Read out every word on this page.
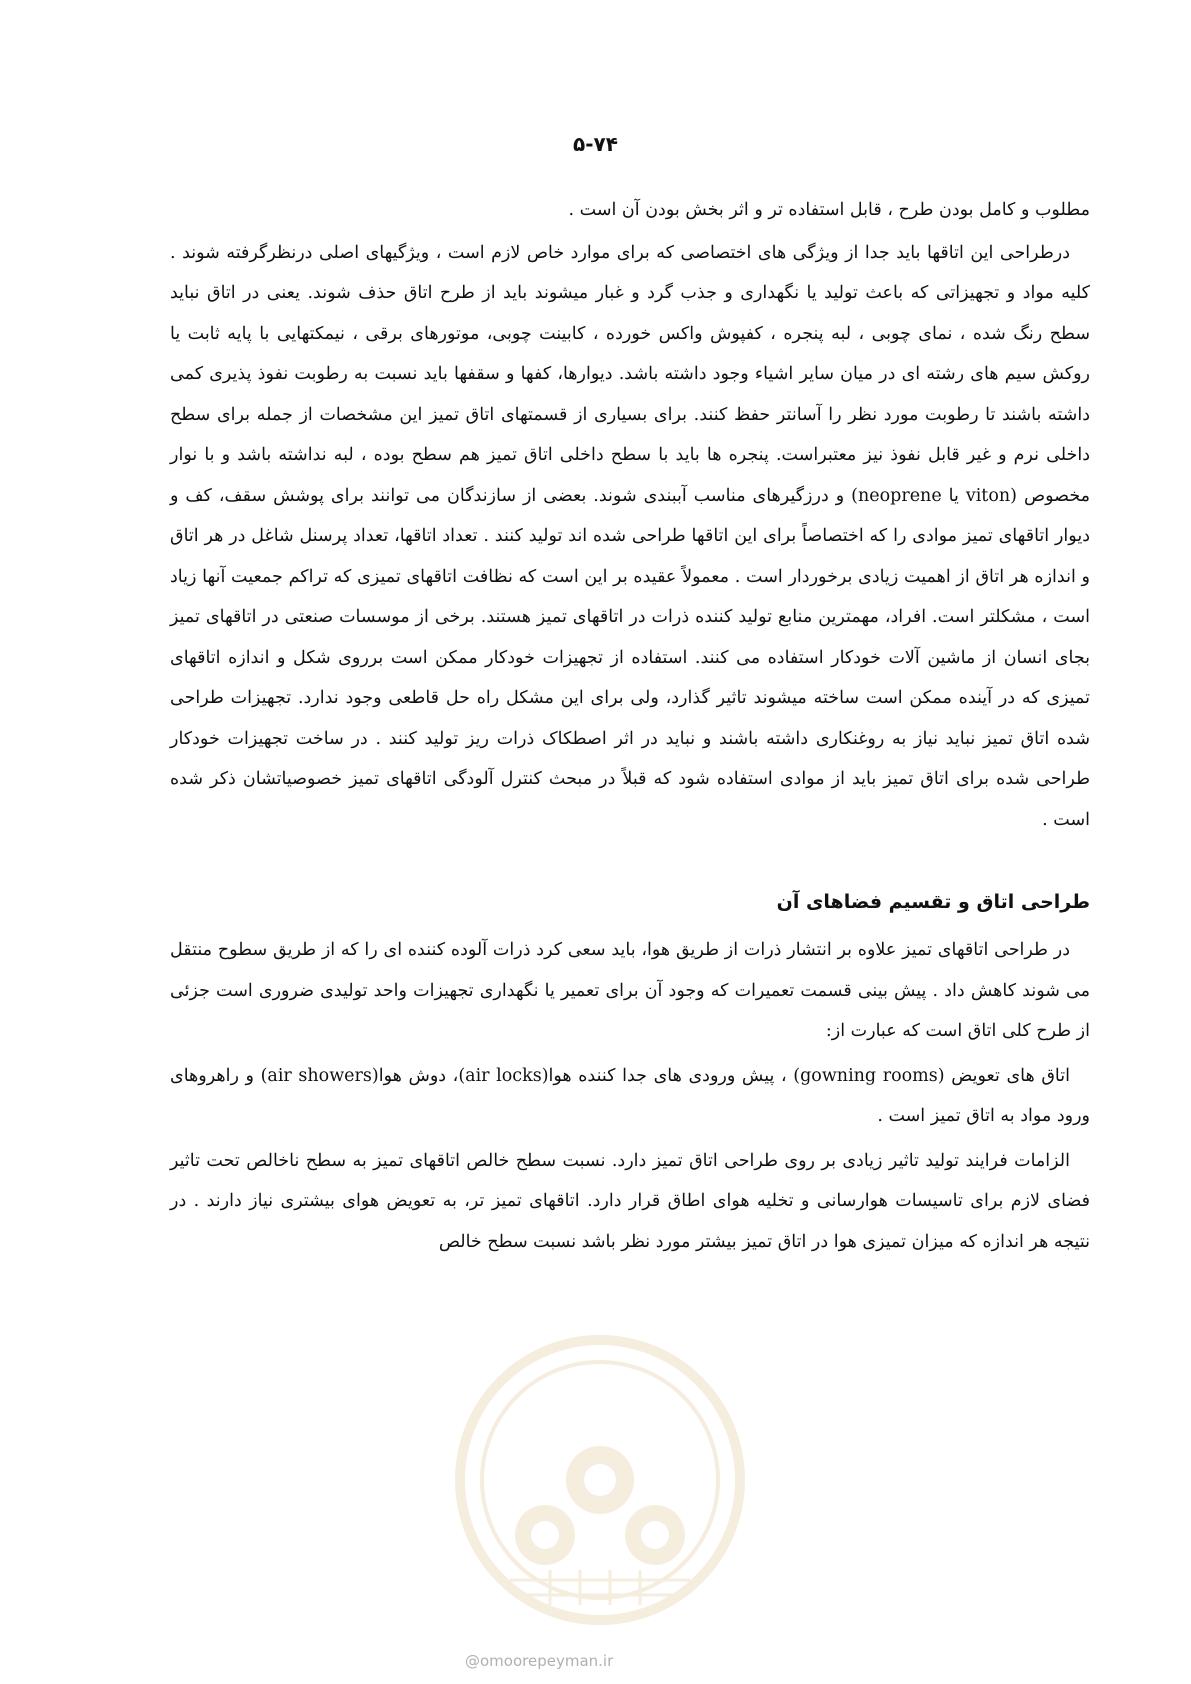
۵-۷۴

مطلوب و کامل بودن طرح ، قابل استفاده تر و اثر بخش بودن آن است .

درطراحی این اتاقها باید جدا از ویژگی های اختصاصی که برای موارد خاص لازم است ، ویژگیهای اصلی درنظرگرفته شوند . کلیه مواد و تجهیزاتی که باعث تولید یا نگهداری و جذب گرد و غبار میشوند باید از طرح اتاق حذف شوند. یعنی در اتاق نباید سطح رنگ شده ، نمای چوبی ، لبه پنجره ، کفپوش واکس خورده ، کابینت چوبی، موتورهای برقی ، نیمکتهایی با پایه ثابت یا روکش سیم های رشته ای در میان سایر اشیاء وجود داشته باشد. دیوارها، کفها و سقفها باید نسبت به رطوبت نفوذ پذیری کمی داشته باشند تا رطوبت مورد نظر را آسانتر حفظ کنند. برای بسیاری از قسمتهای اتاق تمیز این مشخصات از جمله برای سطح داخلی نرم و غیر قابل نفوذ نیز معتبراست. پنجره ها باید با سطح داخلی اتاق تمیز هم سطح بوده ، لبه نداشته باشد و با نوار مخصوص (viton یا neoprene) و درزگیرهای مناسب آببندی شوند. بعضی از سازندگان می توانند برای پوشش سقف، کف و دیوار اتاقهای تمیز موادی را که اختصاصاً برای این اتاقها طراحی شده اند تولید کنند . تعداد اتاقها، تعداد پرسنل شاغل در هر اتاق و اندازه هر اتاق از اهمیت زیادی برخوردار است . معمولاً عقیده بر این است که نظافت اتاقهای تمیزی که تراکم جمعیت آنها زیاد است ، مشکلتر است. افراد، مهمترین منابع تولید کننده ذرات در اتاقهای تمیز هستند. برخی از موسسات صنعتی در اتاقهای تمیز بجای انسان از ماشین آلات خودکار استفاده می کنند. استفاده از تجهیزات خودکار ممکن است برروی شکل و اندازه اتاقهای تمیزی که در آینده ممکن است ساخته میشوند تاثیر گذارد، ولی برای این مشکل راه حل قاطعی وجود ندارد. تجهیزات طراحی شده اتاق تمیز نباید نیاز به روغنکاری داشته باشند و نباید در اثر اصطکاک ذرات ریز تولید کنند . در ساخت تجهیزات خودکار طراحی شده برای اتاق تمیز باید از موادی استفاده شود که قبلاً در مبحث کنترل آلودگی اتاقهای تمیز خصوصیاتشان ذکر شده است .

طراحی اتاق و تقسیم فضاهای آن

در طراحی اتاقهای تمیز علاوه بر انتشار ذرات از طریق هوا، باید سعی کرد ذرات آلوده کننده ای را که از طریق سطوح منتقل می شوند کاهش داد . پیش بینی قسمت تعمیرات که وجود آن برای تعمیر یا نگهداری تجهیزات واحد تولیدی ضروری است جزئی از طرح کلی اتاق است که عبارت از:

اتاق های تعویض (gowning rooms) ، پیش ورودی های جدا کننده هوا(air locks)، دوش هوا(air showers) و راهروهای ورود مواد به اتاق تمیز است .

الزامات فرایند تولید تاثیر زیادی بر روی طراحی اتاق تمیز دارد. نسبت سطح خالص اتاقهای تمیز به سطح ناخالص تحت تاثیر فضای لازم برای تاسیسات هوارسانی و تخلیه هوای اطاق قرار دارد. اتاقهای تمیز تر، به تعویض هوای بیشتری نیاز دارند . در نتیجه هر اندازه که میزان تمیزی هوا در اتاق تمیز بیشتر مورد نظر باشد نسبت سطح خالص

@omoorepeyman.ir
